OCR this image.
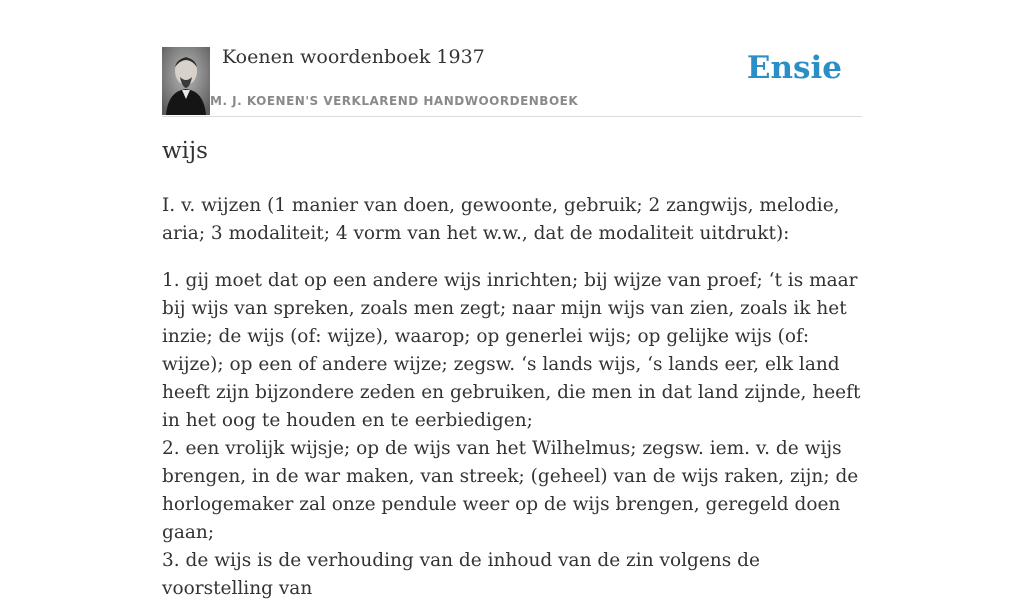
Koenen woordenboek 1937
M. J. KOENEN'S VERKLAREND HANDWOORDENBOEK
Ensie
wijs

I. v. wijzen (1 manier van doen, gewoonte, gebruik; 2 zangwijs, melodie, aria; 3 modaliteit; 4 vorm van het w.w., dat de modaliteit uitdrukt):

1. gij moet dat op een andere wijs inrichten; bij wijze van proef; ‘t is maar bij wijs van spreken, zoals men zegt; naar mijn wijs van zien, zoals ik het inzie; de wijs (of: wijze), waarop; op generlei wijs; op gelijke wijs (of: wijze); op een of andere wijze; zegsw. ‘s lands wijs, ‘s lands eer, elk land heeft zijn bijzondere zeden en gebruiken, die men in dat land zijnde, heeft in het oog te houden en te eerbiedigen;

2. een vrolijk wijsje; op de wijs van het Wilhelmus; zegsw. iem. v. de wijs brengen, in de war maken, van streek; (geheel) van de wijs raken, zijn; de horlogemaker zal onze pendule weer op de wijs brengen, geregeld doen gaan;

3. de wijs is de verhouding van de inhoud van de zin volgens de voorstelling van
